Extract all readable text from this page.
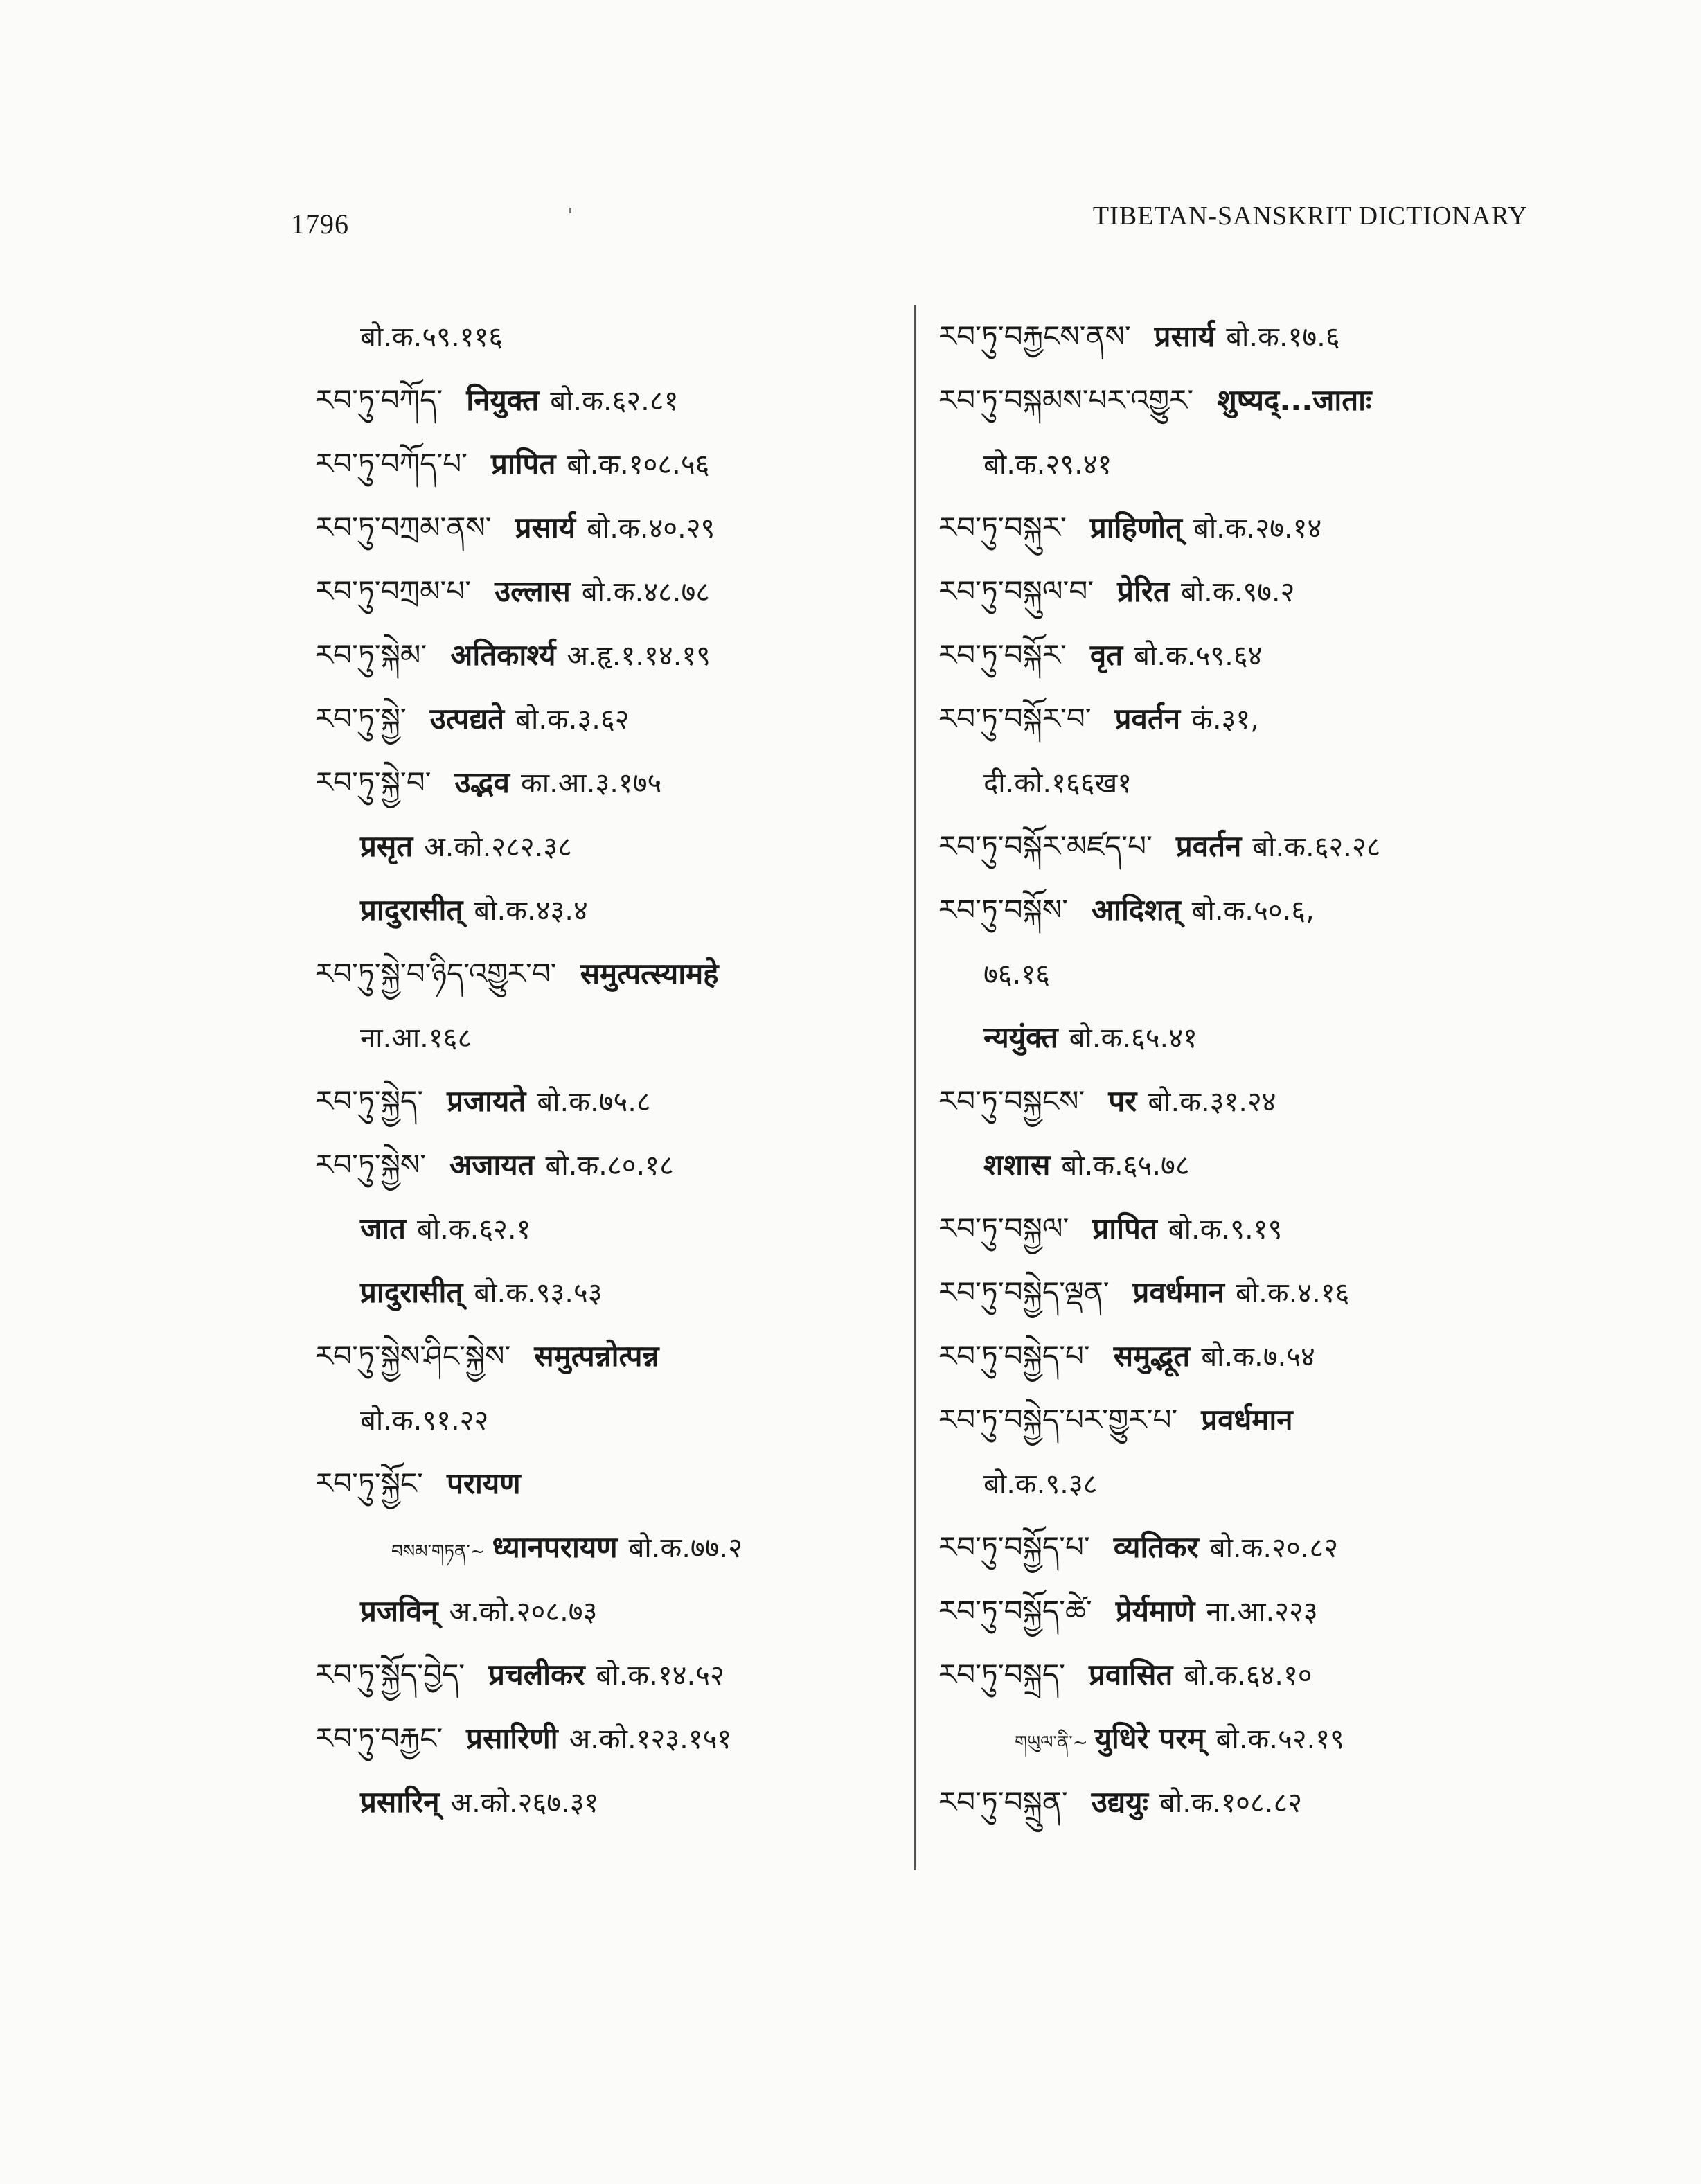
1796	TIBETAN-SANSKRIT DICTIONARY
बो.क.५९.११६
རབ་ཏུ་བཀོད་ नियुक्त बो.क.६२.८१
རབ་ཏུ་བཀོད་པ་ प्रापित बो.क.१०८.५६
རབ་ཏུ་བཀྲམ་ནས་ प्रसार्य बो.क.४०.२९
རབ་ཏུ་བཀྲམ་པ་ उल्लास बो.क.४८.७८
རབ་ཏུ་སྐེམ་ अतिकार्श्य अ.हृ.१.१४.१९
རབ་ཏུ་སྐྱེ་ उत्पद्यते बो.क.३.६२
རབ་ཏུ་སྐྱེ་བ་ उद्भव का.आ.३.१७५
प्रसृत अ.को.२८२.३८
प्रादुरासीत् बो.क.४३.४
རབ་ཏུ་སྐྱེ་བ་ཉིད་འགྱུར་བ་ समुत्पत्स्यामहे
ना.आ.१६८
རབ་ཏུ་སྐྱེད་ प्रजायते बो.क.७५.८
རབ་ཏུ་སྐྱེས་ अजायत बो.क.८०.१८
जात बो.क.६२.१
प्रादुरासीत् बो.क.९३.५३
རབ་ཏུ་སྐྱེས་ཤིང་སྐྱེས་ समुत्पन्नोत्पन्न
बो.क.९१.२२
རབ་ཏུ་སྐྱོང་ परायण
བསམ་གཏན་~ ध्यानपरायण बो.क.७७.२
प्रजविन् अ.को.२०८.७३
རབ་ཏུ་སྐྱོད་བྱེད་ प्रचलीकर बो.क.१४.५२
རབ་ཏུ་བརྐྱང་ प्रसारिणी अ.को.१२३.१५१
प्रसारिन् अ.को.२६७.३१
རབ་ཏུ་བརྐྱངས་ནས་ प्रसार्य बो.क.१७.६
རབ་ཏུ་བསྐམས་པར་འགྱུར་ शुष्यद्...जाताः
बो.क.२९.४१
རབ་ཏུ་བསྐུར་ प्राहिणोत् बो.क.२७.१४
རབ་ཏུ་བསྐུལ་བ་ प्रेरित बो.क.९७.२
རབ་ཏུ་བསྐོར་ वृत बो.क.५९.६४
རབ་ཏུ་བསྐོར་བ་ प्रवर्तन कं.३१,
दी.को.१६६ख१
རབ་ཏུ་བསྐོར་མཛད་པ་ प्रवर्तन बो.क.६२.२८
རབ་ཏུ་བསྐོས་ आदिशत् बो.क.५०.६,
७६.१६
न्ययुंक्त बो.क.६५.४१
རབ་ཏུ་བསྐྱངས་ पर बो.क.३१.२४
शशास बो.क.६५.७८
རབ་ཏུ་བསྐྱལ་ प्रापित बो.क.९.१९
རབ་ཏུ་བསྐྱེད་ལྡན་ प्रवर्धमान बो.क.४.१६
རབ་ཏུ་བསྐྱེད་པ་ समुद्भूत बो.क.७.५४
རབ་ཏུ་བསྐྱེད་པར་གྱུར་པ་ प्रवर्धमान
बो.क.९.३८
རབ་ཏུ་བསྐྱོད་པ་ व्यतिकर बो.क.२०.८२
རབ་ཏུ་བསྐྱོད་ཚེ་ प्रेर्यमाणे ना.आ.२२३
རབ་ཏུ་བསྐྲད་ प्रवासित बो.क.६४.१०
གཡུལ་ནི་~ युधिरे परम् बो.क.५२.१९
རབ་ཏུ་བསྐྲུན་ उद्ययुः बो.क.१०८.८२
